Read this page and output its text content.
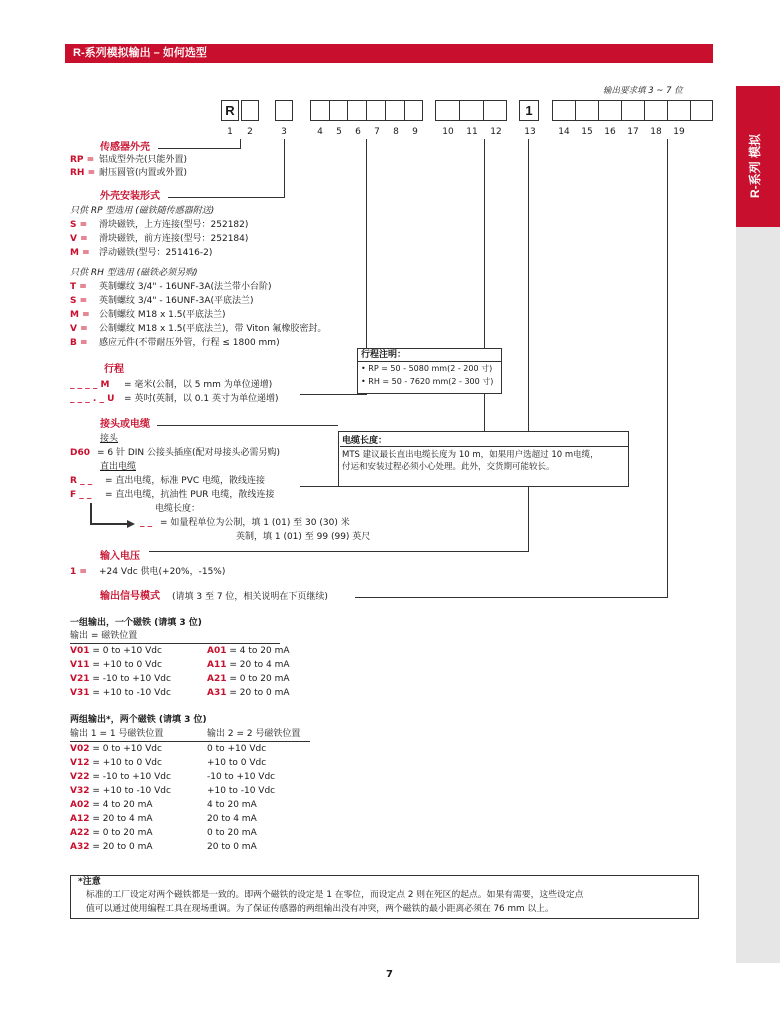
R-系列模拟输出 – 如何选型
R-系列 模拟
输出要求填 3 ~ 7 位
R	1
1	2	3	4	5	6	7	8	9	10 11 12	13	14 15 16 17 18 19
传感器外壳
RP = 铝成型外壳(只能外置)
RH = 耐压圆管(内置或外置)
外壳安装形式
只供 RP 型选用 (磁铁随传感器附送)
S = 滑块磁铁，上方连接(型号：252182)
V = 滑块磁铁，前方连接(型号：252184)
M = 浮动磁铁(型号：251416-2)
只供 RH 型选用 (磁铁必须另购)
T = 英制螺纹 3/4" - 16UNF-3A(法兰带小台阶)
S = 英制螺纹 3/4" - 16UNF-3A(平底法兰)
M = 公制螺纹 M18 x 1.5(平底法兰)
V = 公制螺纹 M18 x 1.5(平底法兰)，带 Viton 氟橡胶密封。
B = 感应元件(不带耐压外管，行程 ≤ 1800 mm)
行程注明：
• RP = 50 - 5080 mm(2 - 200 寸)
• RH = 50 - 7620 mm(2 - 300 寸)
行程
_ _ _ _ M = 毫米(公制，以 5 mm 为单位递增)
_ _ _ . _ U = 英吋(英制，以 0.1 英寸为单位递增)
接头或电缆
接头
D60 = 6 针 DIN 公接头插座(配对母接头必需另购)
直出电缆
R _ _ = 直出电缆，标准 PVC 电缆，散线连接
F _ _ = 直出电缆，抗油性 PUR 电缆，散线连接
电缆长度：
_ _ = 如量程单位为公制，填 1 (01) 至 30 (30) 米
英制，填 1 (01) 至 99 (99) 英尺
电缆长度：
MTS 建议最长直出电缆长度为 10 m，如果用户选超过 10 m电缆，
付运和安装过程必须小心处理。此外，交货期可能较长。
输入电压
1 = +24 Vdc 供电(+20%，-15%)
输出信号模式 (请填 3 至 7 位，相关说明在下页继续)
一组输出，一个磁铁 (请填 3 位)
输出 = 磁铁位置
V01 = 0 to +10 Vdc	A01 = 4 to 20 mA
V11 = +10 to 0 Vdc	A11 = 20 to 4 mA
V21 = -10 to +10 Vdc	A21 = 0 to 20 mA
V31 = +10 to -10 Vdc	A31 = 20 to 0 mA
两组输出*，两个磁铁 (请填 3 位)
输出 1 = 1 号磁铁位置	输出 2 = 2 号磁铁位置
V02 = 0 to +10 Vdc	0 to +10 Vdc
V12 = +10 to 0 Vdc	+10 to 0 Vdc
V22 = -10 to +10 Vdc	-10 to +10 Vdc
V32 = +10 to -10 Vdc	+10 to -10 Vdc
A02 = 4 to 20 mA	4 to 20 mA
A12 = 20 to 4 mA	20 to 4 mA
A22 = 0 to 20 mA	0 to 20 mA
A32 = 20 to 0 mA	20 to 0 mA
*注意
标准的工厂设定对两个磁铁都是一致的。即两个磁铁的设定是 1 在零位，而设定点 2 则在死区的起点。如果有需要，这些设定点
值可以通过使用编程工具在现场重调。为了保证传感器的两组输出没有冲突，两个磁铁的最小距离必须在 76 mm 以上。
7
